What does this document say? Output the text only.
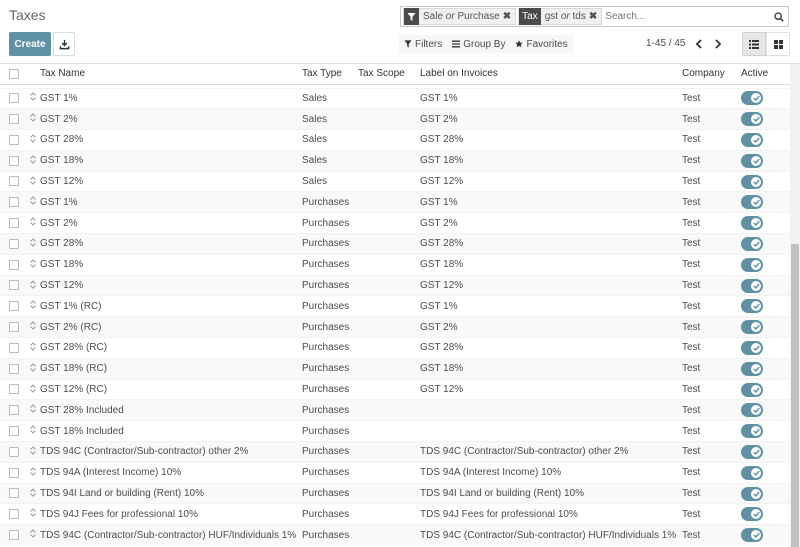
Taxes
Create
Sale or Purchase ✖	Tax gst or tds ✖
Search...
Filters Group By Favorites	1-45 / 45
		Tax Name	Tax Type	Tax Scope	Label on Invoices	Company	Active

		GST 1%	Sales		GST 1%	Test	

		GST 2%	Sales		GST 2%	Test	

		GST 28%	Sales		GST 28%	Test	

		GST 18%	Sales		GST 18%	Test	

		GST 12%	Sales		GST 12%	Test	

		GST 1%	Purchases		GST 1%	Test	

		GST 2%	Purchases		GST 2%	Test	

		GST 28%	Purchases		GST 28%	Test	

		GST 18%	Purchases		GST 18%	Test	

		GST 12%	Purchases		GST 12%	Test	

		GST 1% (RC)	Purchases		GST 1%	Test	

		GST 2% (RC)	Purchases		GST 2%	Test	

		GST 28% (RC)	Purchases		GST 28%	Test	

		GST 18% (RC)	Purchases		GST 18%	Test	

		GST 12% (RC)	Purchases		GST 12%	Test	

		GST 28% Included	Purchases			Test	

		GST 18% Included	Purchases			Test	

		TDS 94C (Contractor/Sub-contractor) other 2%	Purchases		TDS 94C (Contractor/Sub-contractor) other 2%	Test	

		TDS 94A (Interest Income) 10%	Purchases		TDS 94A (Interest Income) 10%	Test	

		TDS 94I Land or building (Rent) 10%	Purchases		TDS 94I Land or building (Rent) 10%	Test	

		TDS 94J Fees for professional 10%	Purchases		TDS 94J Fees for professional 10%	Test	

		TDS 94C (Contractor/Sub-contractor) HUF/Individuals 1%	Purchases		TDS 94C (Contractor/Sub-contractor) HUF/Individuals 1%	Test	
